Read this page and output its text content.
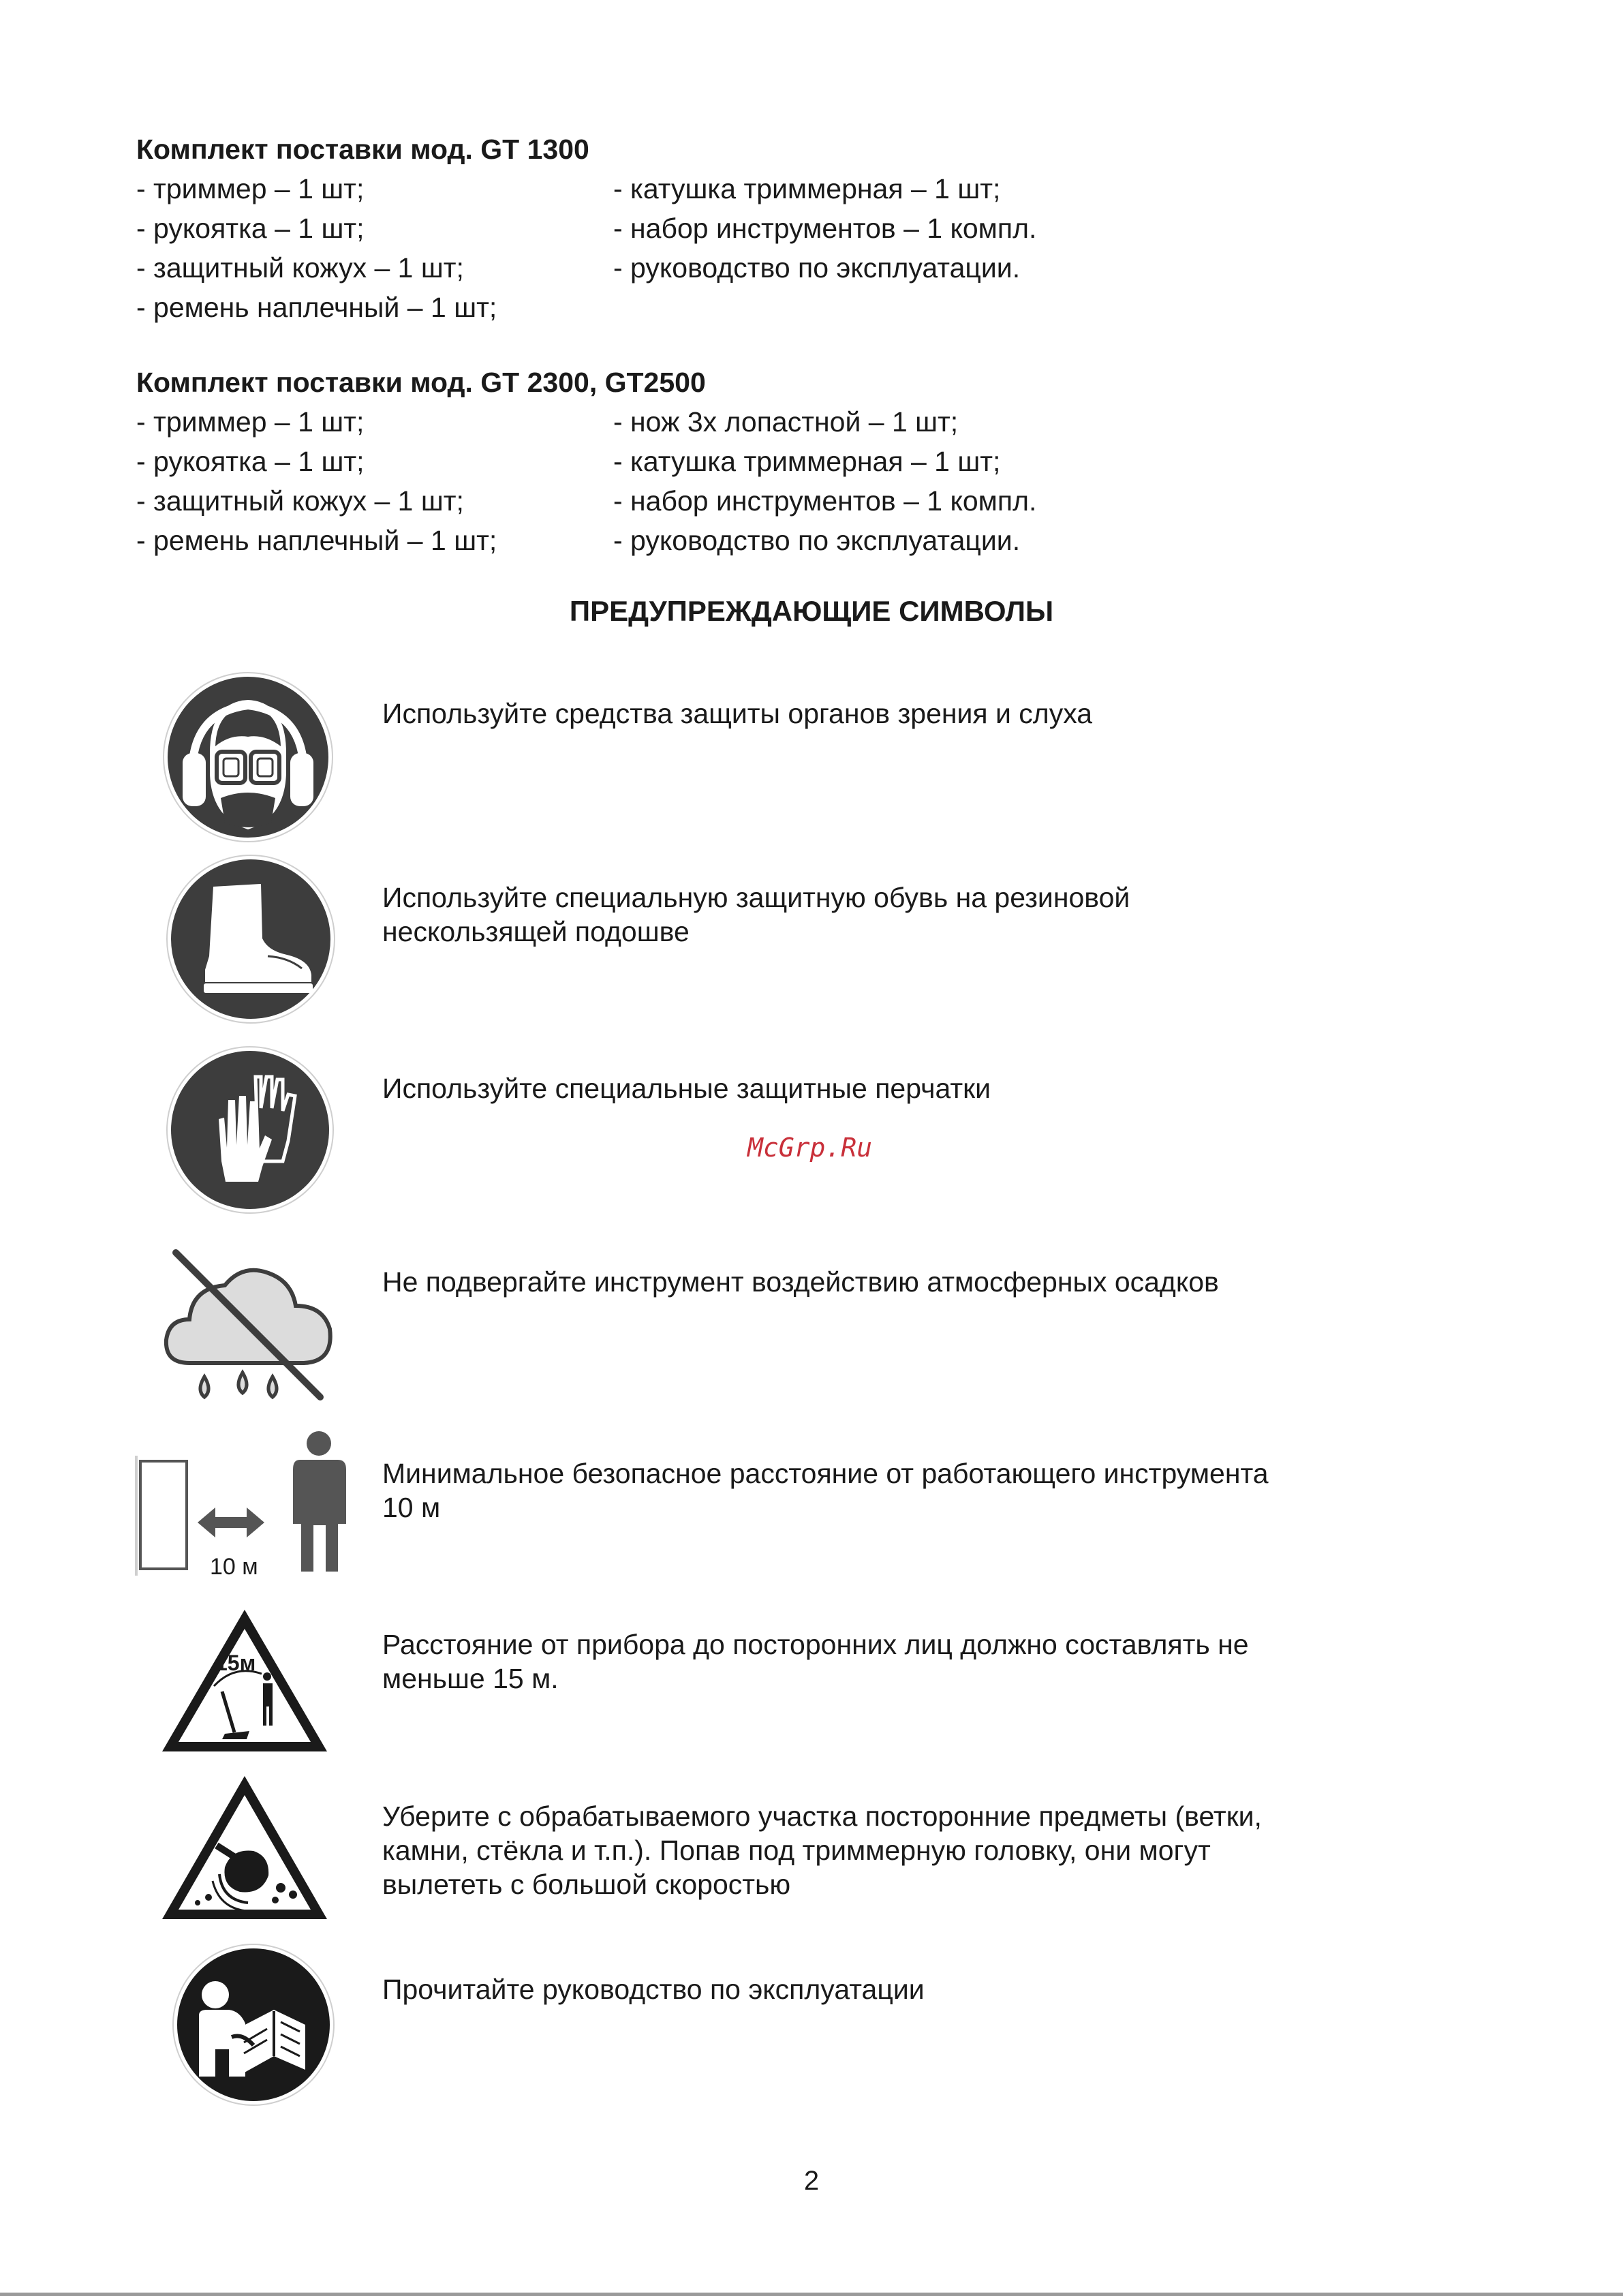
Комплект поставки мод. GT 1300
- триммер – 1 шт;
- рукоятка – 1 шт;
- защитный кожух – 1 шт;
- ремень наплечный – 1 шт;
- катушка триммерная – 1 шт;
- набор инструментов – 1 компл.
- руководство по эксплуатации.
Комплект поставки мод. GT 2300, GT2500
- триммер – 1 шт;
- рукоятка – 1 шт;
- защитный кожух – 1 шт;
- ремень наплечный – 1 шт;
- нож 3х лопастной – 1 шт;
- катушка триммерная – 1 шт;
- набор инструментов – 1 компл.
- руководство по эксплуатации.
ПРЕДУПРЕЖДАЮЩИЕ СИМВОЛЫ
Используйте средства защиты органов зрения и слуха
Используйте специальную защитную обувь на резиновой
нескользящей подошве
Используйте специальные защитные перчатки
McGrp.Ru
Не подвергайте инструмент воздействию атмосферных осадков
10 м
Минимальное безопасное расстояние от работающего инструмента
10 м
15м
Расстояние от прибора до посторонних лиц должно составлять не
меньше 15 м.
Уберите с обрабатываемого участка посторонние предметы (ветки,
камни, стёкла и т.п.). Попав под триммерную головку, они могут
вылететь с большой скоростью
Прочитайте руководство по эксплуатации
2
